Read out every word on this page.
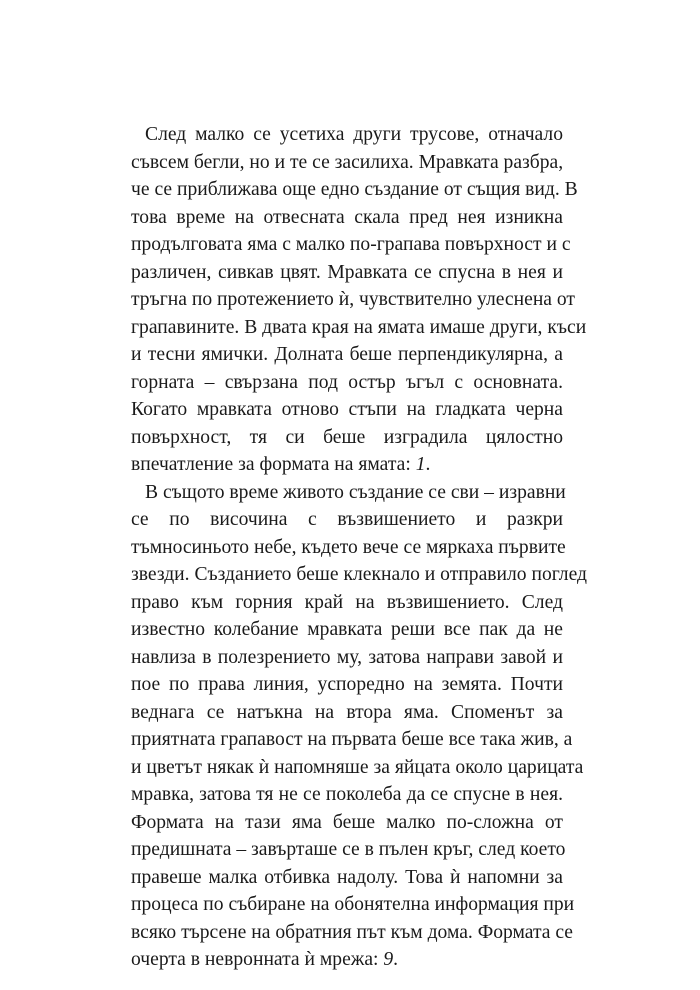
След малко се усетиха други трусове, отначало
съвсем бегли, но и те се засилиха. Мравката разбра,
че се приближава още едно създание от същия вид. В
това време на отвесната скала пред нея изникна
продълговата яма с малко по-грапава повърхност и с
различен, сивкав цвят. Мравката се спусна в нея и
тръгна по протежението ѝ, чувствително улеснена от
грапавините. В двата края на ямата имаше други, къси
и тесни ямички. Долната беше перпендикулярна, а
горната – свързана под остър ъгъл с основната.
Когато мравката отново стъпи на гладката черна
повърхност, тя си беше изградила цялостно
впечатление за формата на ямата: 1.

В същото време живото създание се сви – изравни
се по височина с възвишението и разкри
тъмносиньото небе, където вече се мяркаха първите
звезди. Създанието беше клекнало и отправило поглед
право към горния край на възвишението. След
известно колебание мравката реши все пак да не
навлиза в полезрението му, затова направи завой и
пое по права линия, успоредно на земята. Почти
веднага се натъкна на втора яма. Споменът за
приятната грапавост на първата беше все така жив, а
и цветът някак ѝ напомняше за яйцата около царицата
мравка, затова тя не се поколеба да се спусне в нея.
Формата на тази яма беше малко по-сложна от
предишната – завърташе се в пълен кръг, след което
правеше малка отбивка надолу. Това ѝ напомни за
процеса по събиране на обонятелна информация при
всяко търсене на обратния път към дома. Формата се
очерта в невронната ѝ мрежа: 9.
